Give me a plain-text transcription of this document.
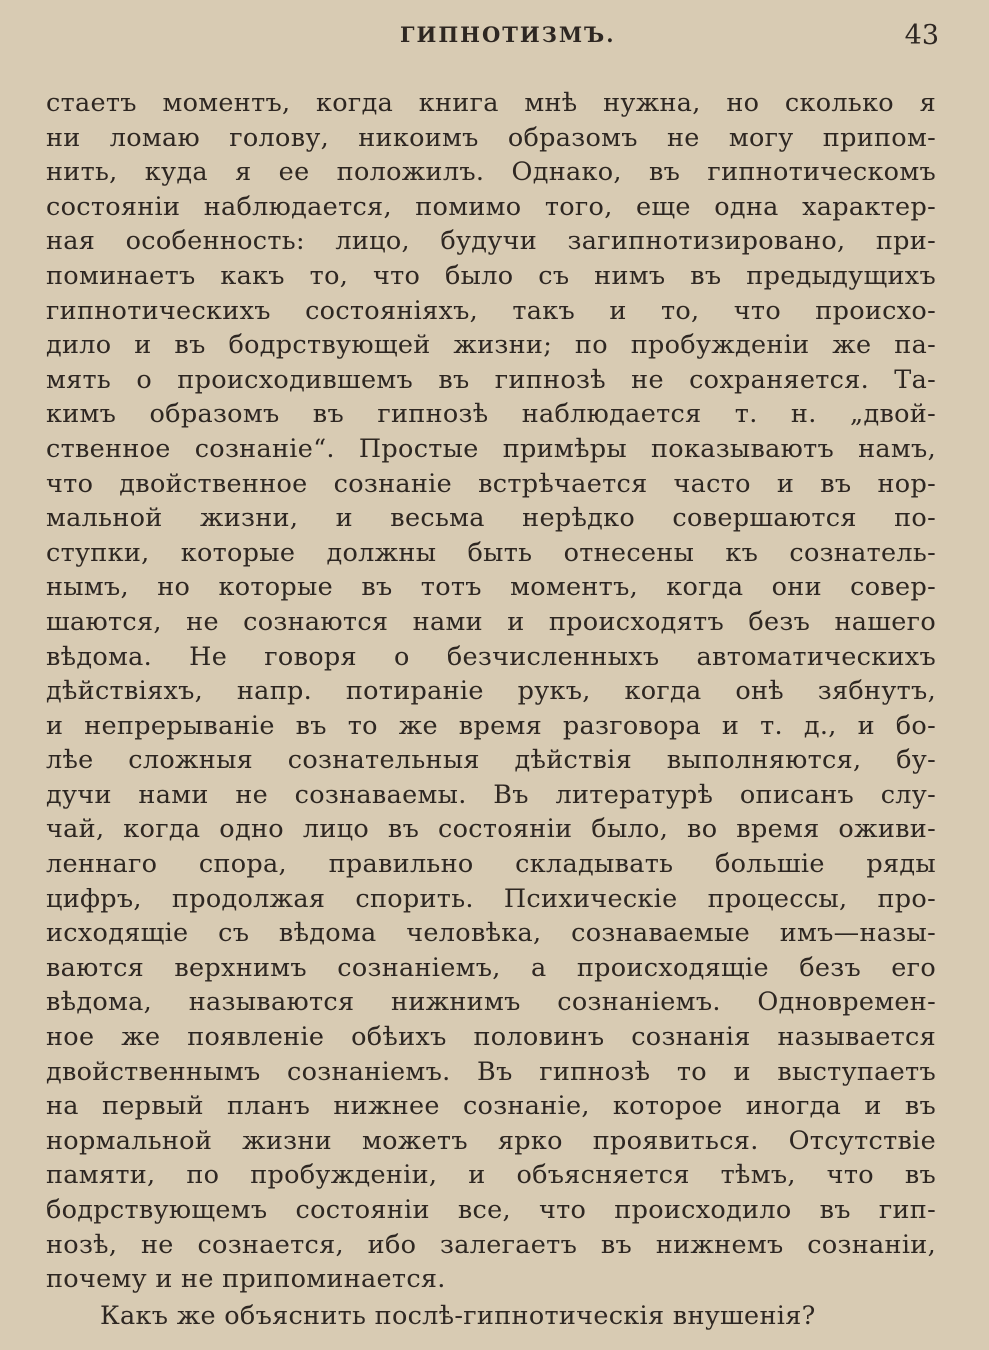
ГИПНОТИЗМЪ.	43
стаетъ моментъ, когда книга мнѣ нужна, но сколько я
ни ломаю голову, никоимъ образомъ не могу припом-
нить, куда я ее положилъ. Однако, въ гипнотическомъ
состояніи наблюдается, помимо того, еще одна характер-
ная особенность: лицо, будучи загипнотизировано, при-
поминаетъ какъ то, что было съ нимъ въ предыдущихъ
гипнотическихъ состояніяхъ, такъ и то, что происхо-
дило и въ бодрствующей жизни; по пробужденіи же па-
мять о происходившемъ въ гипнозѣ не сохраняется. Та-
кимъ образомъ въ гипнозѣ наблюдается т. н. „двой-
ственное сознаніе“. Простые примѣры показываютъ намъ,
что двойственное сознаніе встрѣчается часто и въ нор-
мальной жизни, и весьма нерѣдко совершаются по-
ступки, которые должны быть отнесены къ сознатель-
нымъ, но которые въ тотъ моментъ, когда они совер-
шаются, не сознаются нами и происходятъ безъ нашего
вѣдома. Не говоря о безчисленныхъ автоматическихъ
дѣйствіяхъ, напр. потираніе рукъ, когда онѣ зябнутъ,
и непрерываніе въ то же время разговора и т. д., и бо-
лѣе сложныя сознательныя дѣйствія выполняются, бу-
дучи нами не сознаваемы. Въ литературѣ описанъ слу-
чай, когда одно лицо въ состояніи было, во время оживи-
леннаго спора, правильно складывать большіе ряды
цифръ, продолжая спорить. Психическіе процессы, про-
исходящіе съ вѣдома человѣка, сознаваемые имъ—назы-
ваются верхнимъ сознаніемъ, а происходящіе безъ его
вѣдома, называются нижнимъ сознаніемъ. Одновремен-
ное же появленіе обѣихъ половинъ сознанія называется
двойственнымъ сознаніемъ. Въ гипнозѣ то и выступаетъ
на первый планъ нижнее сознаніе, которое иногда и въ
нормальной жизни можетъ ярко проявиться. Отсутствіе
памяти, по пробужденіи, и объясняется тѣмъ, что въ
бодрствующемъ состояніи все, что происходило въ гип-
нозѣ, не сознается, ибо залегаетъ въ нижнемъ сознаніи,
почему и не припоминается.
Какъ же объяснить послѣ-гипнотическія внушенія?
